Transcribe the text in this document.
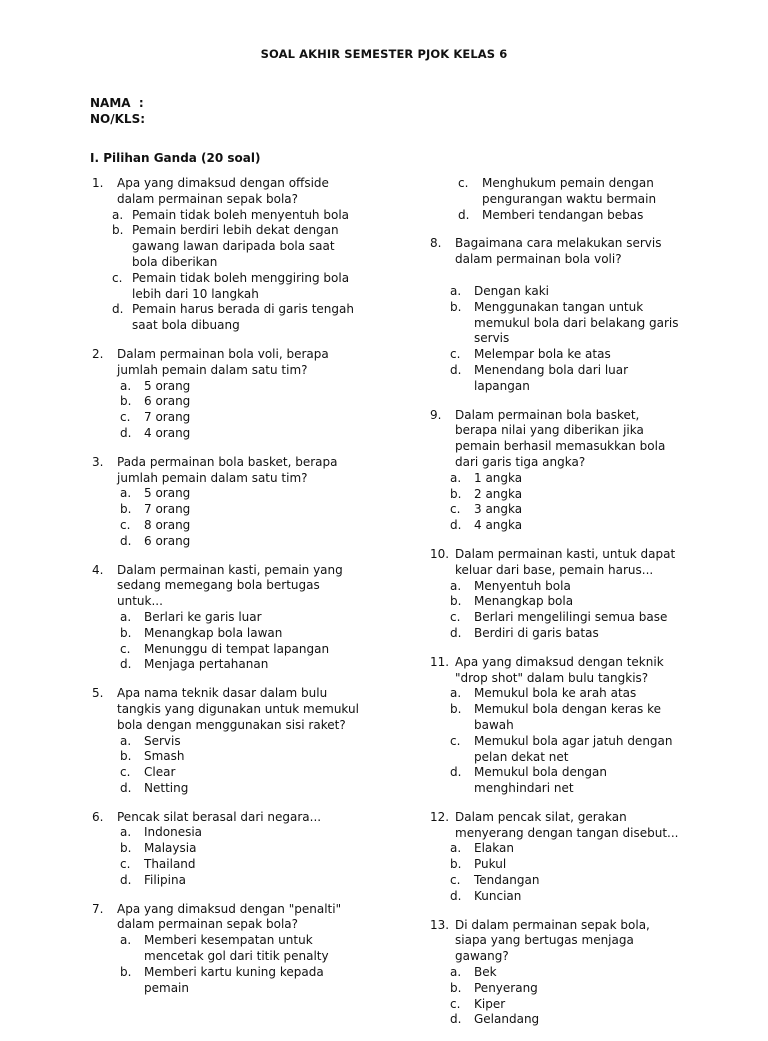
SOAL AKHIR SEMESTER PJOK KELAS 6
NAMA  :
NO/KLS:
I. Pilihan Ganda (20 soal)
1.	Apa yang dimaksud dengan offside dalam permainan sepak bola?
a. Pemain tidak boleh menyentuh bola
b. Pemain berdiri lebih dekat dengan gawang lawan daripada bola saat bola diberikan
c. Pemain tidak boleh menggiring bola lebih dari 10 langkah
d. Pemain harus berada di garis tengah saat bola dibuang
2.	Dalam permainan bola voli, berapa jumlah pemain dalam satu tim?
a.	5 orang
b.	6 orang
c.	7 orang
d.	4 orang
3.	Pada permainan bola basket, berapa jumlah pemain dalam satu tim?
a.	5 orang
b.	7 orang
c.	8 orang
d.	6 orang
4.	Dalam permainan kasti, pemain yang sedang memegang bola bertugas untuk...
a.	Berlari ke garis luar
b.	Menangkap bola lawan
c.	Menunggu di tempat lapangan
d.	Menjaga pertahanan
5.	Apa nama teknik dasar dalam bulu tangkis yang digunakan untuk memukul bola dengan menggunakan sisi raket?
a.	Servis
b.	Smash
c.	Clear
d.	Netting
6.	Pencak silat berasal dari negara...
a.	Indonesia
b.	Malaysia
c.	Thailand
d.	Filipina
7.	Apa yang dimaksud dengan "penalti" dalam permainan sepak bola?
a.	Memberi kesempatan untuk mencetak gol dari titik penalty
b.	Memberi kartu kuning kepada pemain
c.	Menghukum pemain dengan pengurangan waktu bermain
d.	Memberi tendangan bebas
8.	Bagaimana cara melakukan servis dalam permainan bola voli?
a.	Dengan kaki
b.	Menggunakan tangan untuk memukul bola dari belakang garis servis
c.	Melempar bola ke atas
d.	Menendang bola dari luar lapangan
9.	Dalam permainan bola basket, berapa nilai yang diberikan jika pemain berhasil memasukkan bola dari garis tiga angka?
a.	1 angka
b.	2 angka
c.	3 angka
d.	4 angka
10. Dalam permainan kasti, untuk dapat keluar dari base, pemain harus...
a.	Menyentuh bola
b.	Menangkap bola
c.	Berlari mengelilingi semua base
d.	Berdiri di garis batas
11. Apa yang dimaksud dengan teknik "drop shot" dalam bulu tangkis?
a.	Memukul bola ke arah atas
b.	Memukul bola dengan keras ke bawah
c.	Memukul bola agar jatuh dengan pelan dekat net
d.	Memukul bola dengan menghindari net
12. Dalam pencak silat, gerakan menyerang dengan tangan disebut...
a.	Elakan
b.	Pukul
c.	Tendangan
d.	Kuncian
13. Di dalam permainan sepak bola, siapa yang bertugas menjaga gawang?
a.	Bek
b.	Penyerang
c.	Kiper
d.	Gelandang
